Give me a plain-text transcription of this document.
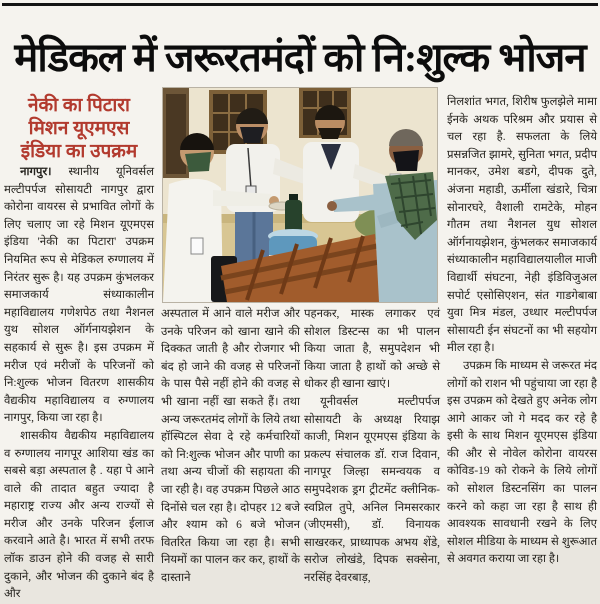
मेडिकल में जरूरतमंदों को नि:शुल्क भोजन
नेकी का पिटारा
मिशन यूएमएस
इंडिया का उपक्रम

नागपुर। स्थानीय यूनिवर्सल मल्टीपर्पज सोसायटी नागपुर द्वारा कोरोना वायरस से प्रभावित लोगों के लिए चलाए जा रहे मिशन यूएमएस इंडिया 'नेकी का पिटारा' उपक्रम नियमित रूप से मेडिकल रुग्णालय में निरंतर सुरू है। यह उपक्रम कुंभलकर समाजकार्य संध्याकालीन महाविद्यालय गणेशपेठ तथा नैशनल युथ सोशल ऑर्गनायझेशन के सहकार्य से सुरू है। इस उपक्रम में मरीज एवं मरीजों के परिजनों को नि:शुल्क भोजन वितरण शासकीय वैद्यकीय महाविद्यालय व रुग्णालय नागपुर, किया जा रहा है।

शासकीय वैद्यकीय महाविद्यालय व रुग्णालय नागपूर आशिया खंड का सबसे बड़ा अस्पताल है . यहा पे आने वाले की तादात बहुत ज्यादा है महाराष्ट्र राज्य और अन्य राज्यों से मरीज और उनके परिजन ईलाज करवाने आते है। भारत में सभी तरफ लॉक डाउन होने की वजह से सारी दुकाने, और भोजन की दुकाने बंद है और

अस्पताल में आने वाले मरीज और उनके परिजन को खाना खाने की दिक्कत जाती है और रोजगार भी बंद हो जाने की वजह से परिजनों के पास पैसे नहीं होने की वजह से भी खाना नहीं खा सकते हैं। तथा अन्य जरूरतमंद लोगों के लिये तथा हॉस्पिटल सेवा दे रहे कर्मचारियों को नि:शुल्क भोजन और पाणी का तथा अन्य चीजों की सहायता की जा रही है। वह उपक्रम पिछले आठ दिनोंसे चल रहा है। दोपहर 12 बजे और श्याम को 6 बजे भोजन वितरित किया जा रहा है। सभी नियमों का पालन कर कर, हाथों के दास्ताने

पहनकर, मास्क लगाकर एवं सोशल डिस्टन्स का भी पालन किया जाता है, समुपदेशन भी किया जाता है हाथों को अच्छे से धोकर ही खाना खाएं।

यूनीवर्सल मल्टीपर्पज सोसायटी के अध्यक्ष रियाझ काजी, मिशन यूएमएस इंडिया के प्रकल्प संचालक डॉ. राज दिवान, नागपूर जिल्हा समन्वयक व समुपदेशक ड्रग ट्रीटमेंट क्लीनिक- स्वप्निल तुपे, अनिल निमसरकार (जीएमसी), डॉ. विनायक साखरकर, प्राध्यापक अभय शेंडे, सरोज लोखंडे, दिपक सक्सेना, नरसिंह देवरबाड़,

निलशांत भगत, शिरीष फुलझेले मामा ईनके अथक परिश्रम और प्रयास से चल रहा है. सफलता के लिये प्रसन्नजित झामरे, सुनिता भगत, प्रदीप मानकर, उमेश बडगे, दीपक दुते, अंजना महाडी, ऊर्मीला खंडारे, चित्रा सोनारघरे, वैशाली रामटेके, मोहन गौतम तथा नैशनल युध सोशल ऑर्गनायझेशन, कुंभलकर समाजकार्य संध्याकालीन महाविद्यालयालील माजी विद्यार्थी संघटना, नेही इंडिविजुअल सपोर्ट एसोसिएशन, संत गाडगेबाबा युवा मित्र मंडल, उध्धार मल्टीपर्पज सोसायटी ईन संघटनों का भी सहयोग मील रहा है।

उपक्रम कि माध्यम से जरूरत मंद लोगों को राशन भी पहुंचाया जा रहा है इस उपक्रम को देखते हुए अनेक लोग आगे आकर जो गे मदद कर रहे है इसी के साथ मिशन यूएमएस इंडिया की और से नोवेल कोरोना वायरस कोविड-19 को रोकने के लिये लोगों को सोशल डिस्टनसिंग का पालन करने को कहा जा रहा है साथ ही आवश्यक सावधानी रखने के लिए सोशल मीडिया के माध्यम से शुरूआत से अवगत कराया जा रहा है।
